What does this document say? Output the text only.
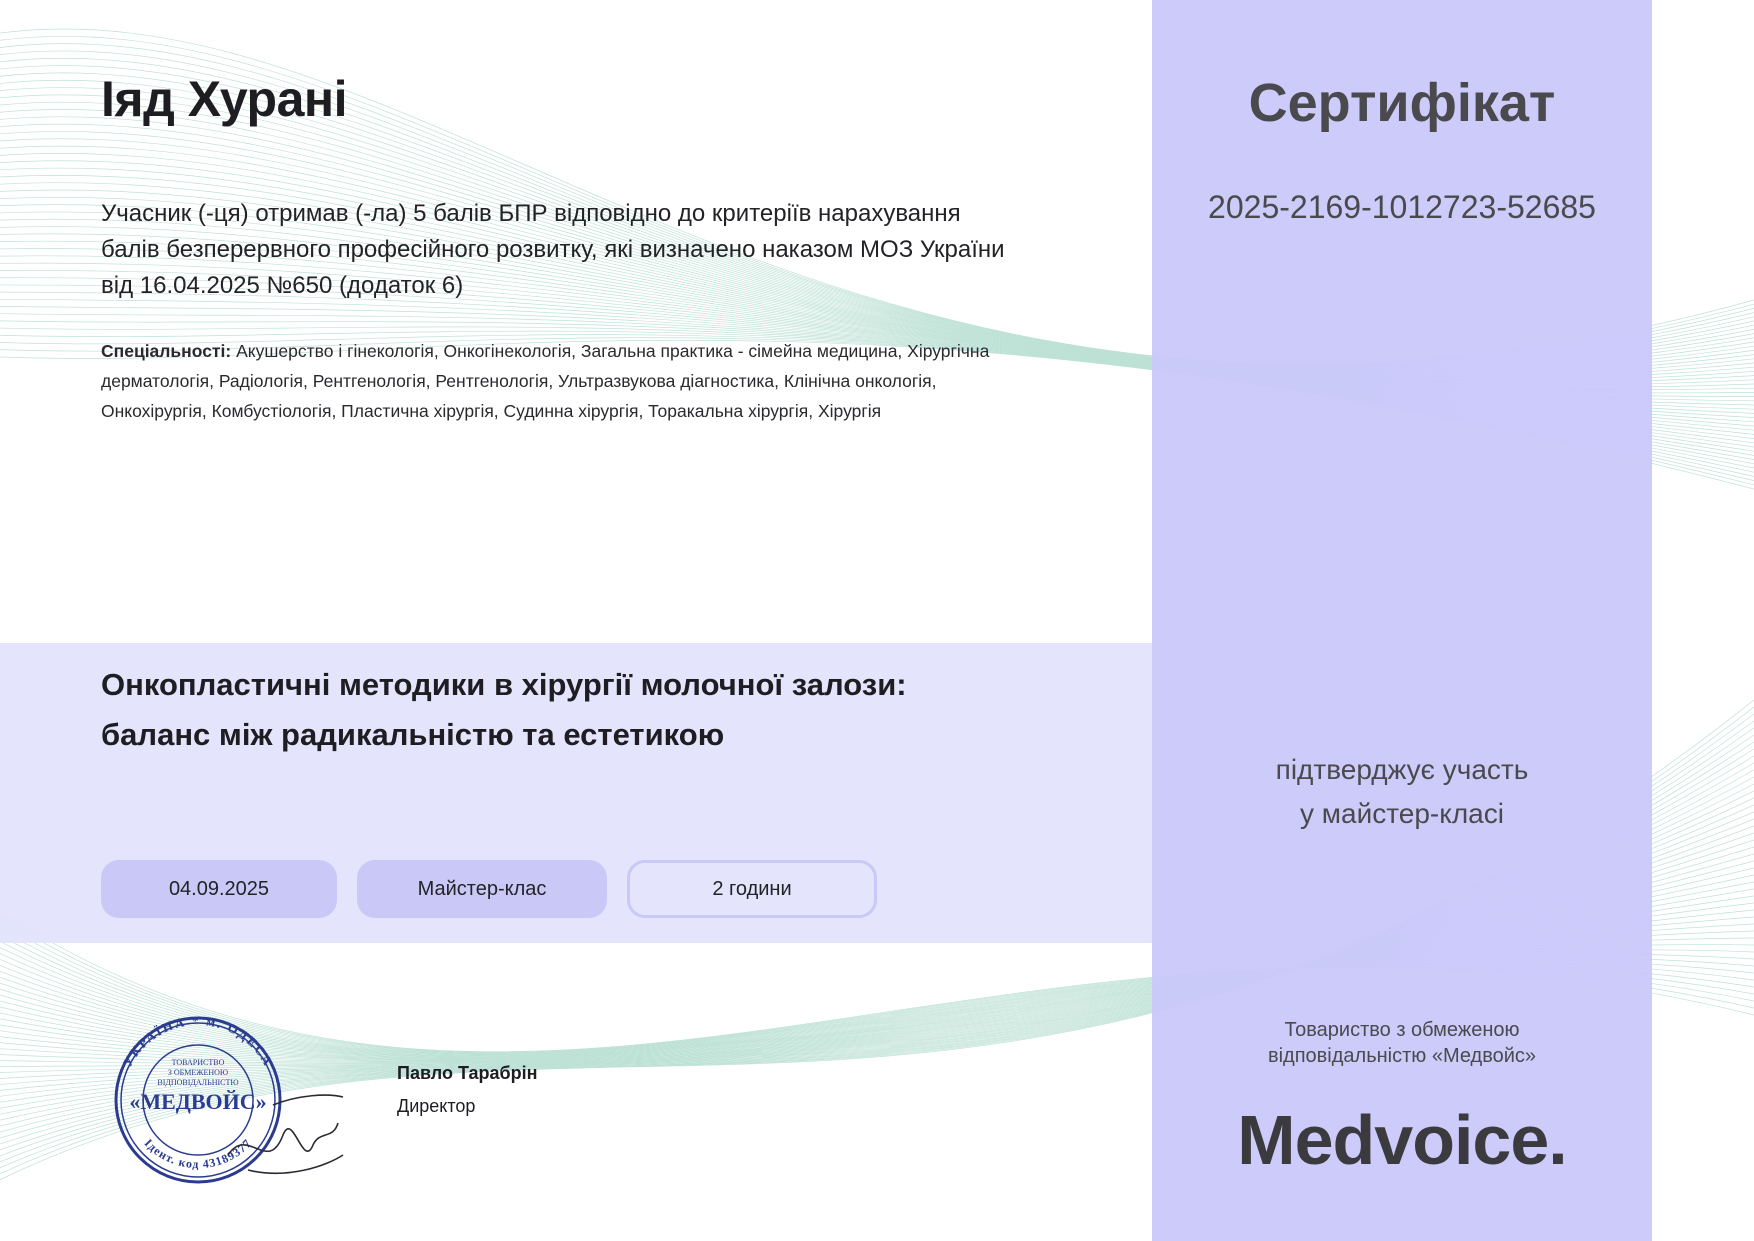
Іяд Хурані
Учасник (-ця) отримав (-ла) 5 балів БПР відповідно до критеріїв нарахування
балів безперервного професійного розвитку, які визначено наказом МОЗ України
від 16.04.2025 №650 (додаток 6)
Спеціальності: Акушерство і гінекологія, Онкогінекологія, Загальна практика - сімейна медицина, Хірургічна
дерматологія, Радіологія, Рентгенологія, Рентгенологія, Ультразвукова діагностика, Клінічна онкологія,
Онкохірургія, Комбустіологія, Пластична хірургія, Судинна хірургія, Торакальна хірургія, Хірургія
Онкопластичні методики в хірургії молочної залози:
баланс між радикальністю та естетикою
04.09.2025	Майстер-клас	2 години
УКРАЇНА * м. ОДЕСА
Ідент. код 43189377
ТОВАРИСТВО
З ОБМЕЖЕНОЮ
ВІДПОВІДАЛЬНІСТЮ
«МЕДВОЙС»
Павло Тарабрін
Директор
Сертифікат
2025-2169-1012723-52685
підтверджує участь
у майстер-класі
Товариство з обмеженою
відповідальністю «Медвойс»
Medvoice.
